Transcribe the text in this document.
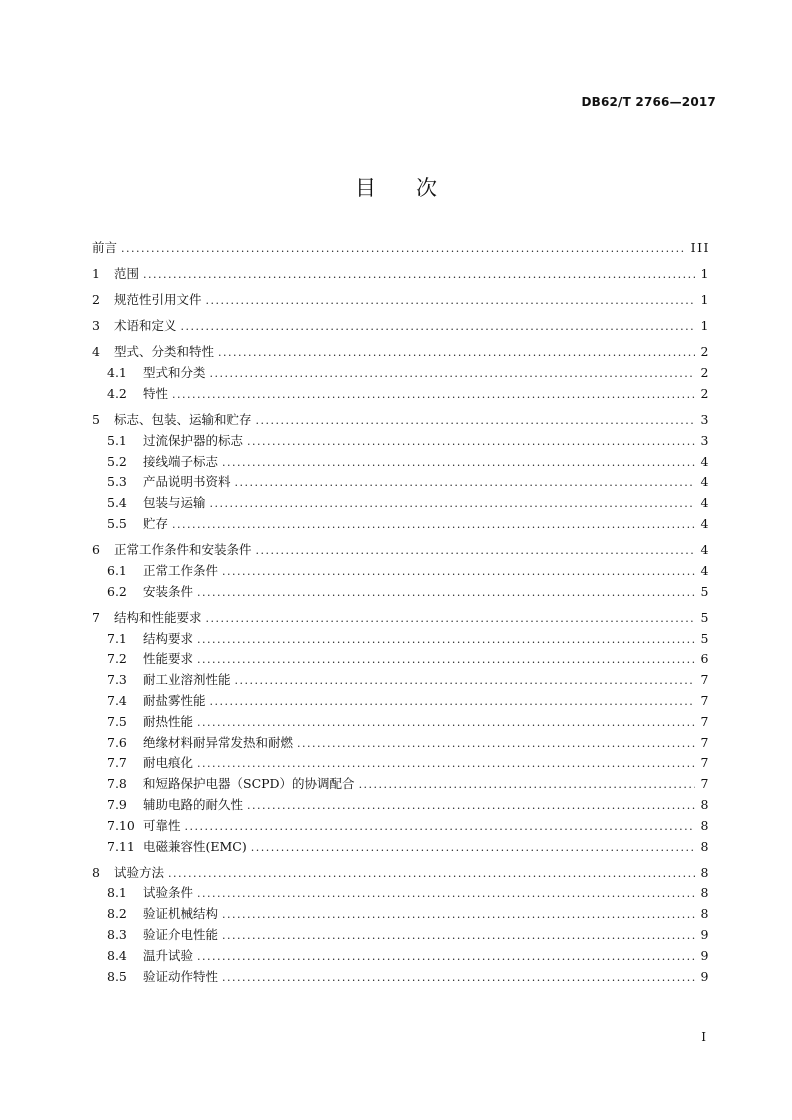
DB62/T 2766—2017
目 次
前言 .....	III
1	范围 .....	1
2	规范性引用文件 .....	1
3	术语和定义 .....	1
4	型式、分类和特性 .....	2
4.1	型式和分类 .....	2
4.2	特性 .....	2
5	标志、包装、运输和贮存 .....	3
5.1	过流保护器的标志 .....	3
5.2	接线端子标志 .....	4
5.3	产品说明书资料 .....	4
5.4	包装与运输 .....	4
5.5	贮存 .....	4
6	正常工作条件和安装条件 .....	4
6.1	正常工作条件 .....	4
6.2	安装条件 .....	5
7	结构和性能要求 .....	5
7.1	结构要求 .....	5
7.2	性能要求 .....	6
7.3	耐工业溶剂性能 .....	7
7.4	耐盐雾性能 .....	7
7.5	耐热性能 .....	7
7.6	绝缘材料耐异常发热和耐燃 .....	7
7.7	耐电痕化 .....	7
7.8	和短路保护电器（SCPD）的协调配合 .....	7
7.9	辅助电路的耐久性 .....	8
7.10 可靠性 .....	8
7.11 电磁兼容性(EMC) .....	8
8	试验方法 .....	8
8.1	试验条件 .....	8
8.2	验证机械结构 .....	8
8.3	验证介电性能 .....	9
8.4	温升试验 .....	9
8.5	验证动作特性 .....	9
I
